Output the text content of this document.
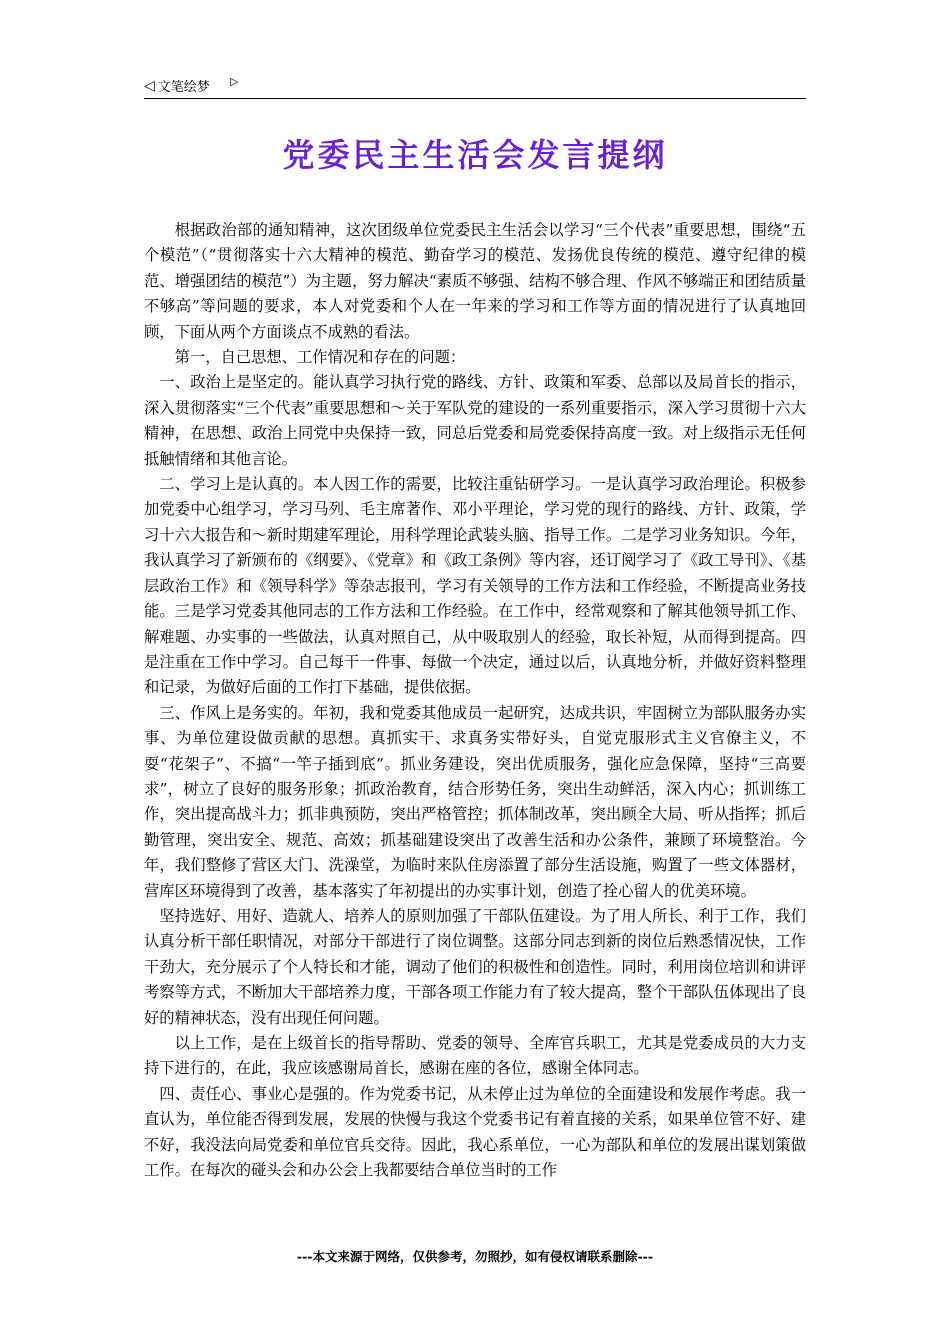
◁ 文笔绘梦 ▷
党委民主生活会发言提纲

根据政治部的通知精神，这次团级单位党委民主生活会以学习“三个代表”重要思想，围绕“五个模范”（“贯彻落实十六大精神的模范、勤奋学习的模范、发扬优良传统的模范、遵守纪律的模范、增强团结的模范”）为主题，努力解决“素质不够强、结构不够合理、作风不够端正和团结质量不够高”等问题的要求，本人对党委和个人在一年来的学习和工作等方面的情况进行了认真地回顾，下面从两个方面谈点不成熟的看法。

第一，自己思想、工作情况和存在的问题：

一、政治上是坚定的。能认真学习执行党的路线、方针、政策和军委、总部以及局首长的指示，深入贯彻落实“三个代表”重要思想和～关于军队党的建设的一系列重要指示，深入学习贯彻十六大精神，在思想、政治上同党中央保持一致，同总后党委和局党委保持高度一致。对上级指示无任何抵触情绪和其他言论。

二、学习上是认真的。本人因工作的需要，比较注重钻研学习。一是认真学习政治理论。积极参加党委中心组学习，学习马列、毛主席著作、邓小平理论，学习党的现行的路线、方针、政策，学习十六大报告和～新时期建军理论，用科学理论武装头脑、指导工作。二是学习业务知识。今年，我认真学习了新颁布的《纲要》、《党章》和《政工条例》等内容，还订阅学习了《政工导刊》、《基层政治工作》和《领导科学》等杂志报刊，学习有关领导的工作方法和工作经验，不断提高业务技能。三是学习党委其他同志的工作方法和工作经验。在工作中，经常观察和了解其他领导抓工作、解难题、办实事的一些做法，认真对照自己，从中吸取别人的经验，取长补短，从而得到提高。四是注重在工作中学习。自己每干一件事、每做一个决定，通过以后，认真地分析，并做好资料整理和记录，为做好后面的工作打下基础，提供依据。

三、作风上是务实的。年初，我和党委其他成员一起研究，达成共识，牢固树立为部队服务办实事、为单位建设做贡献的思想。真抓实干、求真务实带好头，自觉克服形式主义官僚主义，不耍“花架子”、不搞“一竿子插到底”。抓业务建设，突出优质服务，强化应急保障，坚持“三高要求”，树立了良好的服务形象；抓政治教育，结合形势任务，突出生动鲜活，深入内心；抓训练工作，突出提高战斗力；抓非典预防，突出严格管控；抓体制改革，突出顾全大局、听从指挥；抓后勤管理，突出安全、规范、高效；抓基础建设突出了改善生活和办公条件，兼顾了环境整治。今年，我们整修了营区大门、洗澡堂，为临时来队住房添置了部分生活设施，购置了一些文体器材，营库区环境得到了改善，基本落实了年初提出的办实事计划，创造了拴心留人的优美环境。

坚持选好、用好、造就人、培养人的原则加强了干部队伍建设。为了用人所长、利于工作，我们认真分析干部任职情况，对部分干部进行了岗位调整。这部分同志到新的岗位后熟悉情况快，工作干劲大，充分展示了个人特长和才能，调动了他们的积极性和创造性。同时，利用岗位培训和讲评考察等方式，不断加大干部培养力度，干部各项工作能力有了较大提高，整个干部队伍体现出了良好的精神状态，没有出现任何问题。

以上工作，是在上级首长的指导帮助、党委的领导、全库官兵职工，尤其是党委成员的大力支持下进行的，在此，我应该感谢局首长，感谢在座的各位，感谢全体同志。

四、责任心、事业心是强的。作为党委书记，从未停止过为单位的全面建设和发展作考虑。我一直认为，单位能否得到发展，发展的快慢与我这个党委书记有着直接的关系，如果单位管不好、建不好，我没法向局党委和单位官兵交待。因此，我心系单位，一心为部队和单位的发展出谋划策做工作。在每次的碰头会和办公会上我都要结合单位当时的工作

---本文来源于网络，仅供参考，勿照抄，如有侵权请联系删除---
